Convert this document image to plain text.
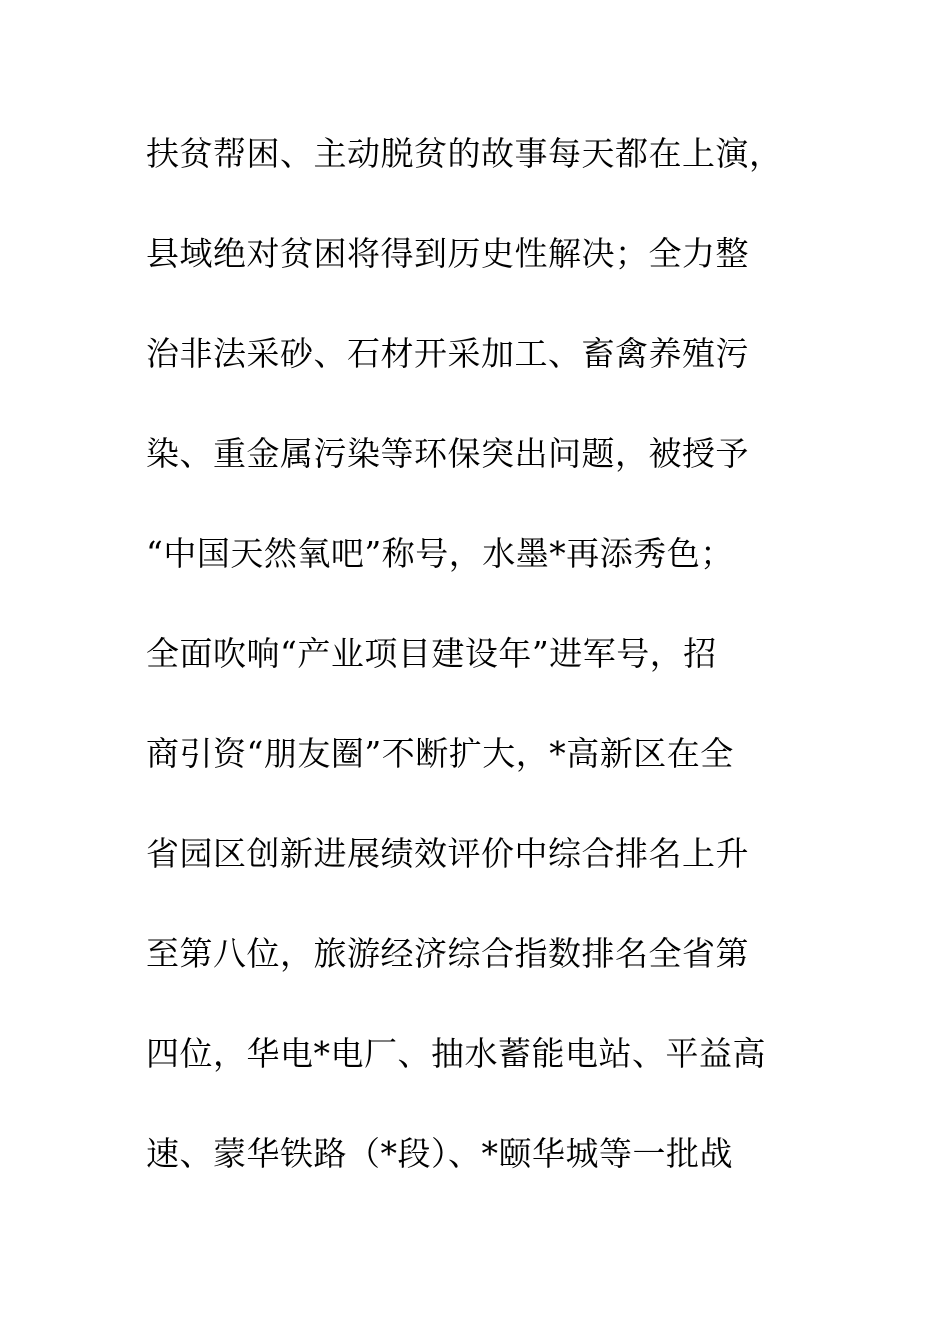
扶贫帮困、主动脱贫的故事每天都在上演，
县域绝对贫困将得到历史性解决；全力整
治非法采砂、石材开采加工、畜禽养殖污
染、重金属污染等环保突出问题，被授予
“中国天然氧吧”称号，水墨*再添秀色；
全面吹响“产业项目建设年”进军号，招
商引资“朋友圈”不断扩大，*高新区在全
省园区创新进展绩效评价中综合排名上升
至第八位，旅游经济综合指数排名全省第
四位，华电*电厂、抽水蓄能电站、平益高
速、蒙华铁路（*段）、*颐华城等一批战
